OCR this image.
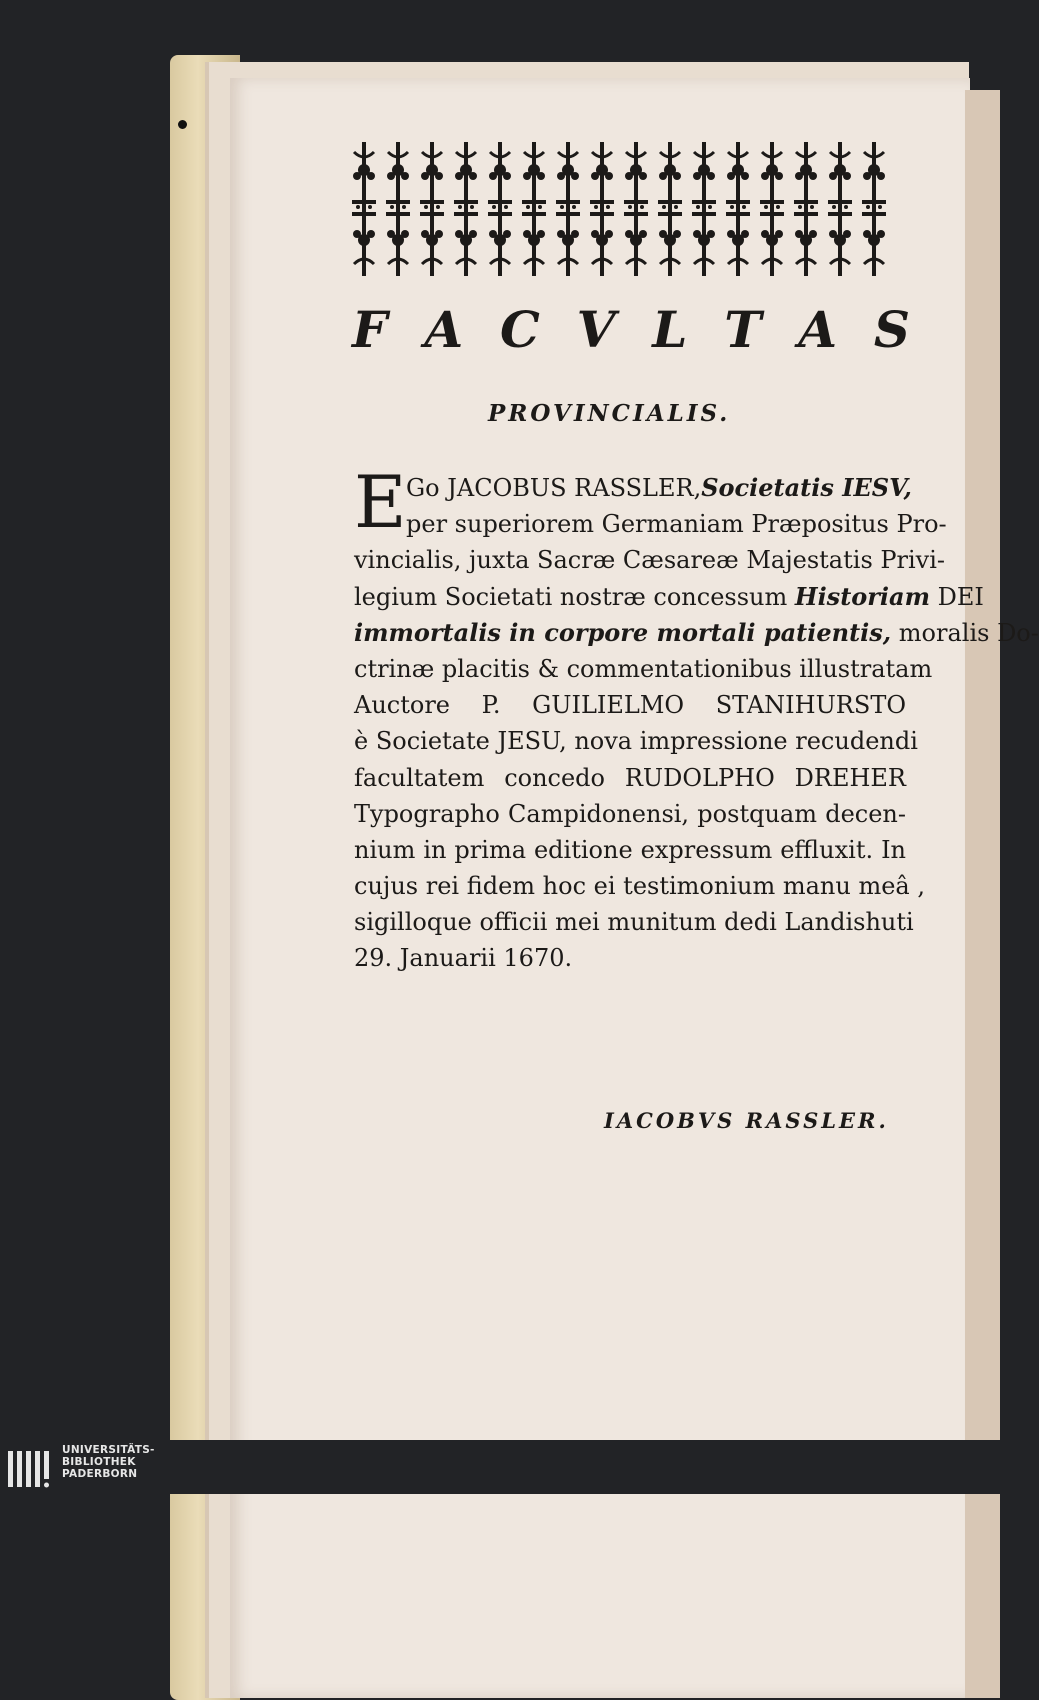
F A C V L T A S
PROVINCIALIS.
E Go JACOBUS RASSLER,Societatis IESV,
per superiorem Germaniam Præpositus Pro-
vincialis, juxta Sacræ Cæsareæ Majestatis Privi-
legium Societati nostræ concessum Historiam DEI
immortalis in corpore mortali patientis, moralis Do-
ctrinæ placitis & commentationibus illustratam
Auctore P. GUILIELMO STANIHURSTO
è Societate JESU, nova impressione recudendi
facultatem concedo RUDOLPHO DREHER
Typographo Campidonensi, postquam decen-
nium in prima editione expressum effluxit. In
cujus rei fidem hoc ei testimonium manu meâ ,
sigilloque officii mei munitum dedi Landishuti
29. Januarii 1670.
IACOBVS RASSLER.
UNIVERSITÄTS-
BIBLIOTHEK
PADERBORN
